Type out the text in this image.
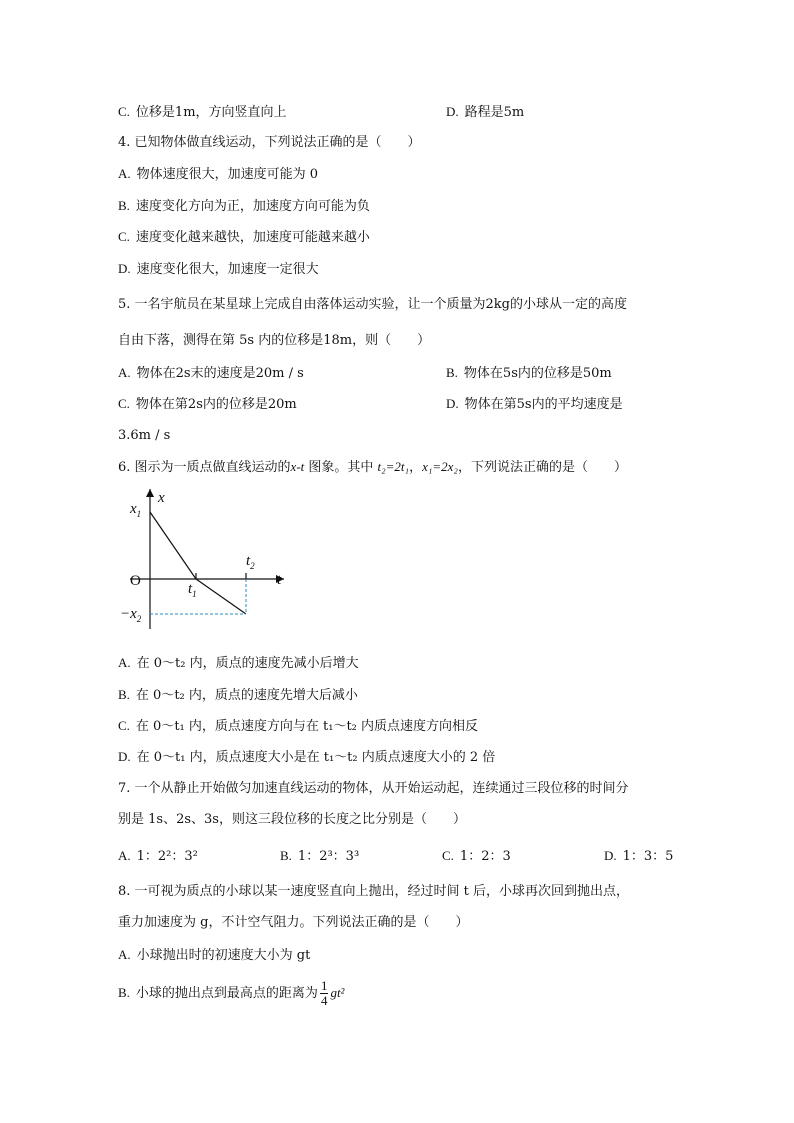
C. 位移是1m，方向竖直向上	D. 路程是5m
4. 已知物体做直线运动，下列说法正确的是（　　）
A. 物体速度很大，加速度可能为 0
B. 速度变化方向为正，加速度方向可能为负
C. 速度变化越来越快，加速度可能越来越小
D. 速度变化很大，加速度一定很大
5. 一名宇航员在某星球上完成自由落体运动实验，让一个质量为2kg的小球从一定的高度
自由下落，测得在第 5s 内的位移是18m，则（　　）
A. 物体在2s末的速度是20m / s	B. 物体在5s内的位移是50m
C. 物体在第2s内的位移是20m	D. 物体在第5s内的平均速度是
3.6m / s
6. 图示为一质点做直线运动的x-t 图象。其中 t₂=2t₁，x₁=2x₂，下列说法正确的是（　　）
x
t
O
$x_1$
$-x_2$
$t_1$
$t_2$
A. 在 0～t₂ 内，质点的速度先减小后增大
B. 在 0～t₂ 内，质点的速度先增大后减小
C. 在 0～t₁ 内，质点速度方向与在 t₁～t₂ 内质点速度方向相反
D. 在 0～t₁ 内，质点速度大小是在 t₁～t₂ 内质点速度大小的 2 倍
7. 一个从静止开始做匀加速直线运动的物体，从开始运动起，连续通过三段位移的时间分
别是 1s、2s、3s，则这三段位移的长度之比分别是（　　）
A. 1：2²：3²	B. 1：2³：3³	C. 1：2：3	D. 1：3：5
8. 一可视为质点的小球以某一速度竖直向上抛出，经过时间 t 后，小球再次回到抛出点，
重力加速度为 g，不计空气阻力。下列说法正确的是（　　）
A. 小球抛出时的初速度大小为 gt
B. 小球的抛出点到最高点的距离为 $\frac{1}{4} gt^2$
